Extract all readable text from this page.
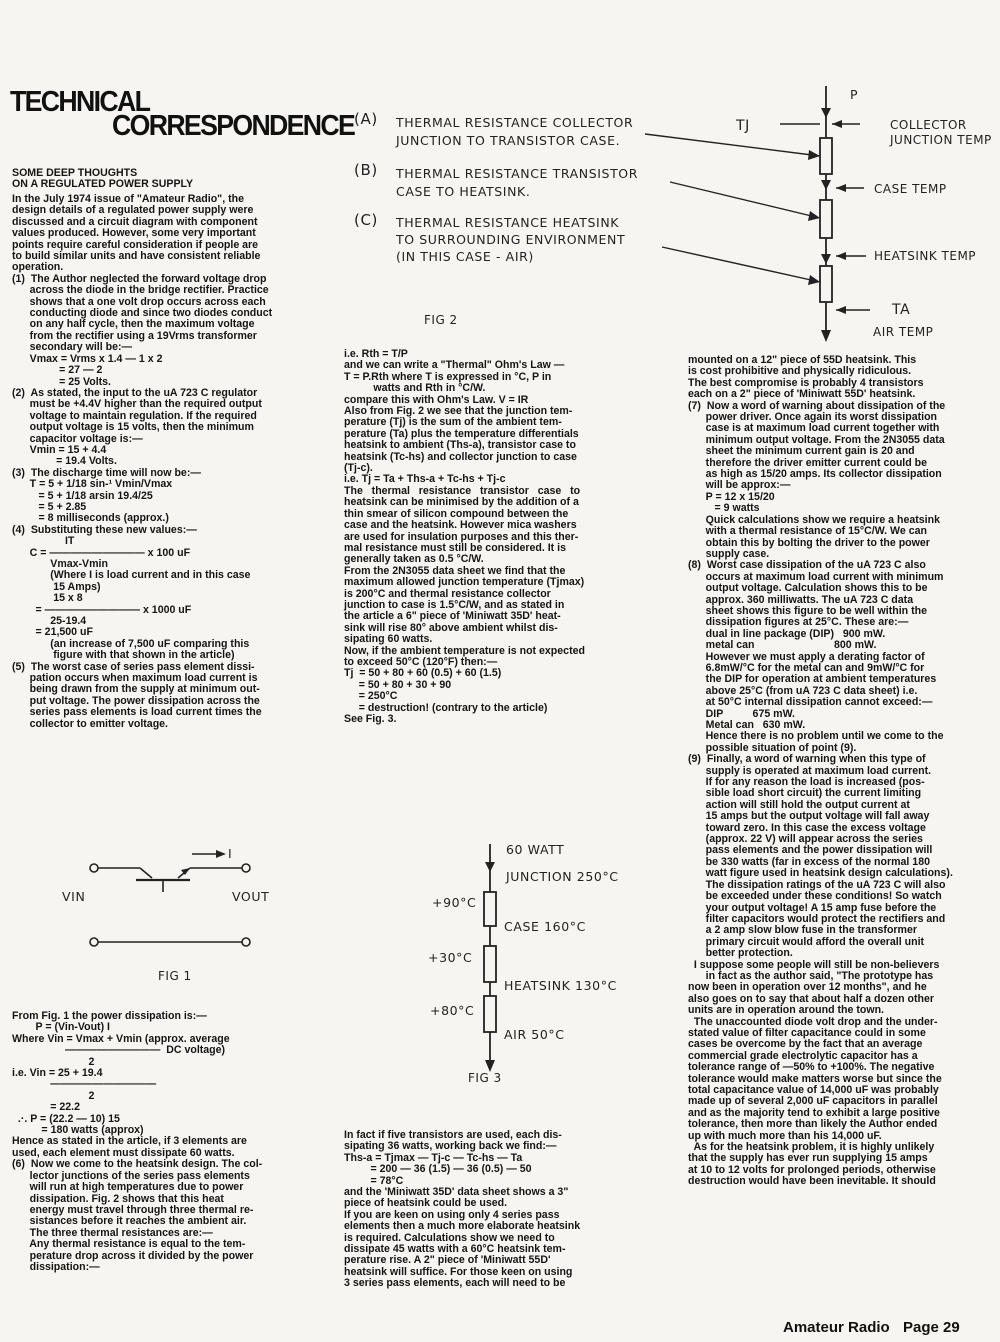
TECHNICAL
CORRESPONDENCE
SOME DEEP THOUGHTS
ON A REGULATED POWER SUPPLY
In the July 1974 issue of "Amateur Radio", the
design details of a regulated power supply were
discussed and a circuit diagram with component
values produced. However, some very important
points require careful consideration if people are
to build similar units and have consistent reliable
operation.
(1)  The Author neglected the forward voltage drop
across the diode in the bridge rectifier. Practice
shows that a one volt drop occurs across each
conducting diode and since two diodes conduct
on any half cycle, then the maximum voltage
from the rectifier using a 19Vrms transformer
secondary will be:—
Vmax = Vrms x 1.4 — 1 x 2
= 27 — 2
= 25 Volts.
(2)  As stated, the input to the uA 723 C regulator
must be +4.4V higher than the required output
voltage to maintain regulation. If the required
output voltage is 15 volts, then the minimum
capacitor voltage is:—
Vmin = 15 + 4.4
= 19.4 Volts.
(3)  The discharge time will now be:—
T = 5 + 1/18 sin-¹ Vmin/Vmax
= 5 + 1/18 arsin 19.4/25
= 5 + 2.85
= 8 milliseconds (approx.)
(4)  Substituting these new values:—
IT
C = ————————— x 100 uF
Vmax-Vmin
(Where I is load current and in this case
15 Amps)
15 x 8
= ————————— x 1000 uF
25-19.4
= 21,500 uF
(an increase of 7,500 uF comparing this
figure with that shown in the article)
(5)  The worst case of series pass element dissi-
pation occurs when maximum load current is
being drawn from the supply at minimum out-
put voltage. The power dissipation across the
series pass elements is load current times the
collector to emitter voltage.
I
VIN	VOUT
FIG 1
From Fig. 1 the power dissipation is:—
P = (Vin-Vout) I
Where Vin = Vmax + Vmin (approx. average
—————————  DC voltage)
2
i.e. Vin = 25 + 19.4
——————————
2
= 22.2
.·. P = (22.2 — 10) 15
= 180 watts (approx)
Hence as stated in the article, if 3 elements are
used, each element must dissipate 60 watts.
(6)  Now we come to the heatsink design. The col-
lector junctions of the series pass elements
will run at high temperatures due to power
dissipation. Fig. 2 shows that this heat
energy must travel through three thermal re-
sistances before it reaches the ambient air.
The three thermal resistances are:—
Any thermal resistance is equal to the tem-
perature drop across it divided by the power
dissipation:—
(A) THERMAL RESISTANCE COLLECTOR
JUNCTION TO TRANSISTOR CASE.
(B) THERMAL RESISTANCE TRANSISTOR
CASE TO HEATSINK.
(C) THERMAL RESISTANCE HEATSINK
TO SURROUNDING ENVIRONMENT
(IN THIS CASE - AIR)
P
TJ	COLLECTOR
JUNCTION TEMP
CASE TEMP
HEATSINK TEMP
TA
AIR TEMP
FIG 2
i.e. Rth = T/P
and we can write a "Thermal" Ohm's Law —
T = P.Rth where T is expressed in °C, P in
watts and Rth in °C/W.
compare this with Ohm's Law. V = IR
Also from Fig. 2 we see that the junction tem-
perature (Tj) is the sum of the ambient tem-
perature (Ta) plus the temperature differentials
heatsink to ambient (Ths-a), transistor case to
heatsink (Tc-hs) and collector junction to case
(Tj-c).
i.e. Tj = Ta + Ths-a + Tc-hs + Tj-c
The   thermal   resistance   transistor   case   to
heatsink can be minimised by the addition of a
thin smear of silicon compound between the
case and the heatsink. However mica washers
are used for insulation purposes and this ther-
mal resistance must still be considered. It is
generally taken as 0.5 °C/W.
From the 2N3055 data sheet we find that the
maximum allowed junction temperature (Tjmax)
is 200°C and thermal resistance collector
junction to case is 1.5°C/W, and as stated in
the article a 6" piece of 'Miniwatt 35D' heat-
sink will rise 80° above ambient whilst dis-
sipating 60 watts.
Now, if the ambient temperature is not expected
to exceed 50°C (120°F) then:—
Tj  = 50 + 80 + 60 (0.5) + 60 (1.5)
= 50 + 80 + 30 + 90
= 250°C
= destruction! (contrary to the article)
See Fig. 3.
60 WATT
JUNCTION 250°C
CASE 160°C
HEATSINK 130°C
AIR 50°C
+90°C
+30°C
+80°C
FIG 3
In fact if five transistors are used, each dis-
sipating 36 watts, working back we find:—
Ths-a = Tjmax — Tj-c — Tc-hs — Ta
= 200 — 36 (1.5) — 36 (0.5) — 50
= 78°C
and the 'Miniwatt 35D' data sheet shows a 3"
piece of heatsink could be used.
If you are keen on using only 4 series pass
elements then a much more elaborate heatsink
is required. Calculations show we need to
dissipate 45 watts with a 60°C heatsink tem-
perature rise. A 2" piece of 'Miniwatt 55D'
heatsink will suffice. For those keen on using
3 series pass elements, each will need to be
mounted on a 12" piece of 55D heatsink. This
is cost prohibitive and physically ridiculous.
The best compromise is probably 4 transistors
each on a 2" piece of 'Miniwatt 55D' heatsink.
(7)  Now a word of warning about dissipation of the
power driver. Once again its worst dissipation
case is at maximum load current together with
minimum output voltage. From the 2N3055 data
sheet the minimum current gain is 20 and
therefore the driver emitter current could be
as high as 15/20 amps. Its collector dissipation
will be approx:—
P = 12 x 15/20
= 9 watts
Quick calculations show we require a heatsink
with a thermal resistance of 15°C/W. We can
obtain this by bolting the driver to the power
supply case.
(8)  Worst case dissipation of the uA 723 C also
occurs at maximum load current with minimum
output voltage. Calculation shows this to be
approx. 360 milliwatts. The uA 723 C data
sheet shows this figure to be well within the
dissipation figures at 25°C. These are:—
dual in line package (DIP)   900 mW.
metal can                           800 mW.
However we must apply a derating factor of
6.8mW/°C for the metal can and 9mW/°C for
the DIP for operation at ambient temperatures
above 25°C (from uA 723 C data sheet) i.e.
at 50°C internal dissipation cannot exceed:—
DIP          675 mW.
Metal can   630 mW.
Hence there is no problem until we come to the
possible situation of point (9).
(9)  Finally, a word of warning when this type of
supply is operated at maximum load current.
If for any reason the load is increased (pos-
sible load short circuit) the current limiting
action will still hold the output current at
15 amps but the output voltage will fall away
toward zero. In this case the excess voltage
(approx. 22 V) will appear across the series
pass elements and the power dissipation will
be 330 watts (far in excess of the normal 180
watt figure used in heatsink design calculations).
The dissipation ratings of the uA 723 C will also
be exceeded under these conditions! So watch
your output voltage! A 15 amp fuse before the
filter capacitors would protect the rectifiers and
a 2 amp slow blow fuse in the transformer
primary circuit would afford the overall unit
better protection.
I suppose some people will still be non-believers
in fact as the author said, "The prototype has
now been in operation over 12 months", and he
also goes on to say that about half a dozen other
units are in operation around the town.
The unaccounted diode volt drop and the under-
stated value of filter capacitance could in some
cases be overcome by the fact that an average
commercial grade electrolytic capacitor has a
tolerance range of —50% to +100%. The negative
tolerance would make matters worse but since the
total capacitance value of 14,000 uF was probably
made up of several 2,000 uF capacitors in parallel
and as the majority tend to exhibit a large positive
tolerance, then more than likely the Author ended
up with much more than his 14,000 uF.
As for the heatsink problem, it is highly unlikely
that the supply has ever run supplying 15 amps
at 10 to 12 volts for prolonged periods, otherwise
destruction would have been inevitable. It should
Amateur Radio Page 29
